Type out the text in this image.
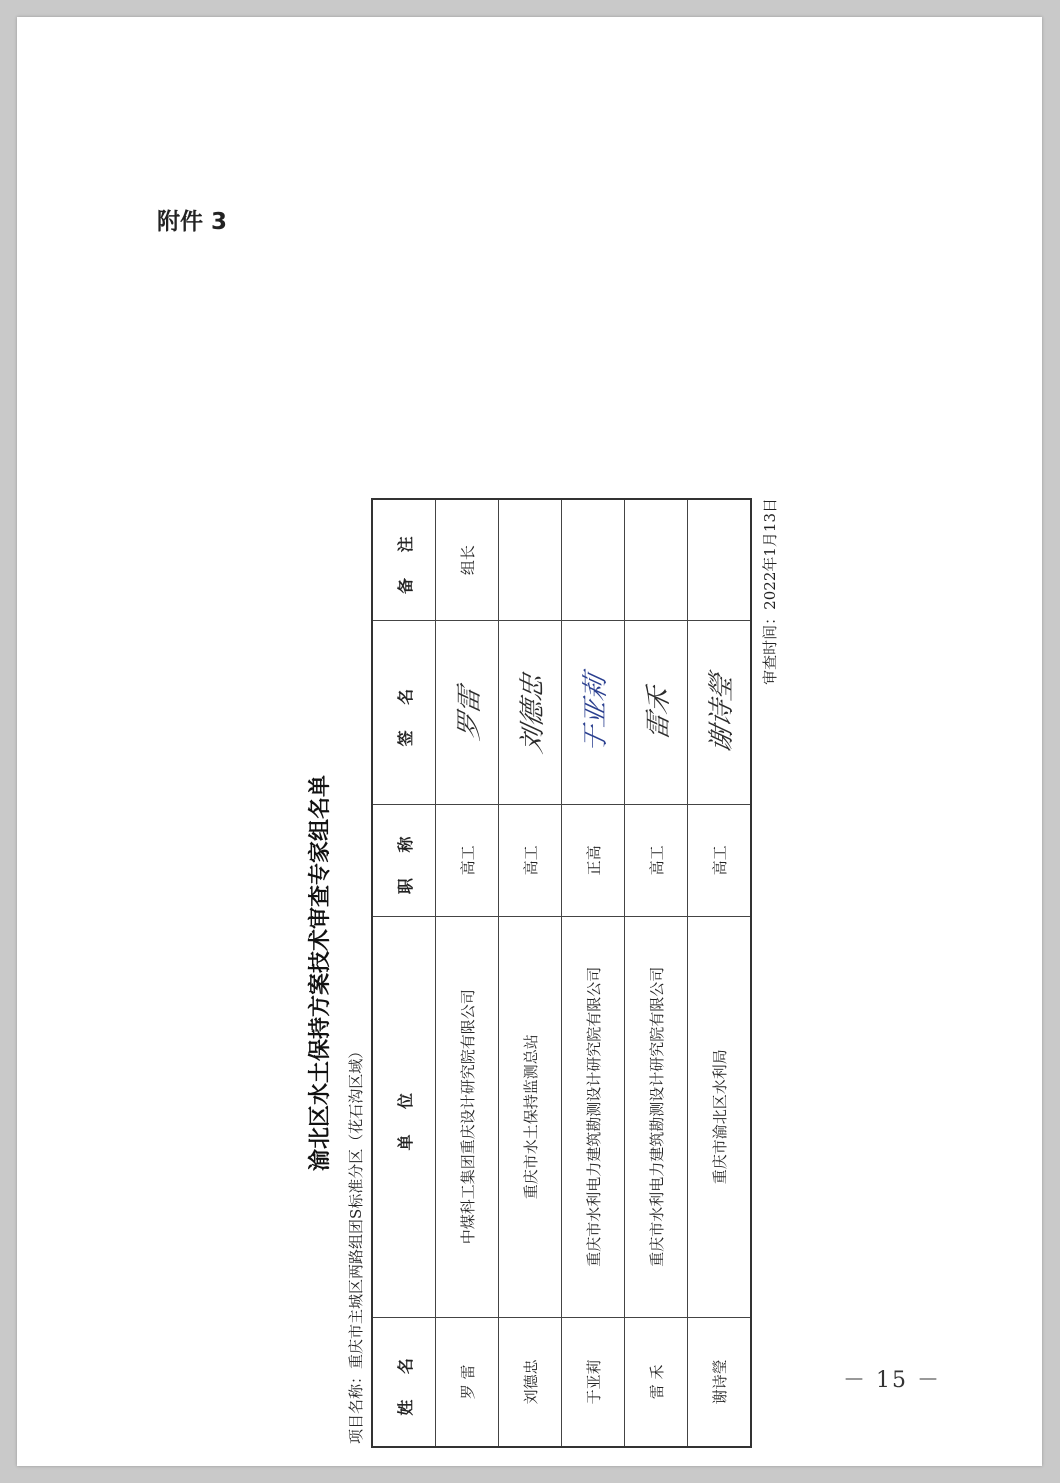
附件 3
渝北区水土保持方案技术审查专家组名单
项目名称：重庆市主城区两路组团S标准分区（花石沟区域）
姓 名	单 位	职 称	签 名	备 注
罗 雷	中煤科工集团重庆设计研究院有限公司	高工	罗雷	组长
刘德忠	重庆市水土保持监测总站	高工	刘德忠	
于亚莉	重庆市水利电力建筑勘测设计研究院有限公司	正高	于亚莉	
雷 禾	重庆市水利电力建筑勘测设计研究院有限公司	高工	雷禾	
谢诗瑩	重庆市渝北区水利局	高工	谢诗瑩	
审查时间：2022年1月13日
－ 15 －
